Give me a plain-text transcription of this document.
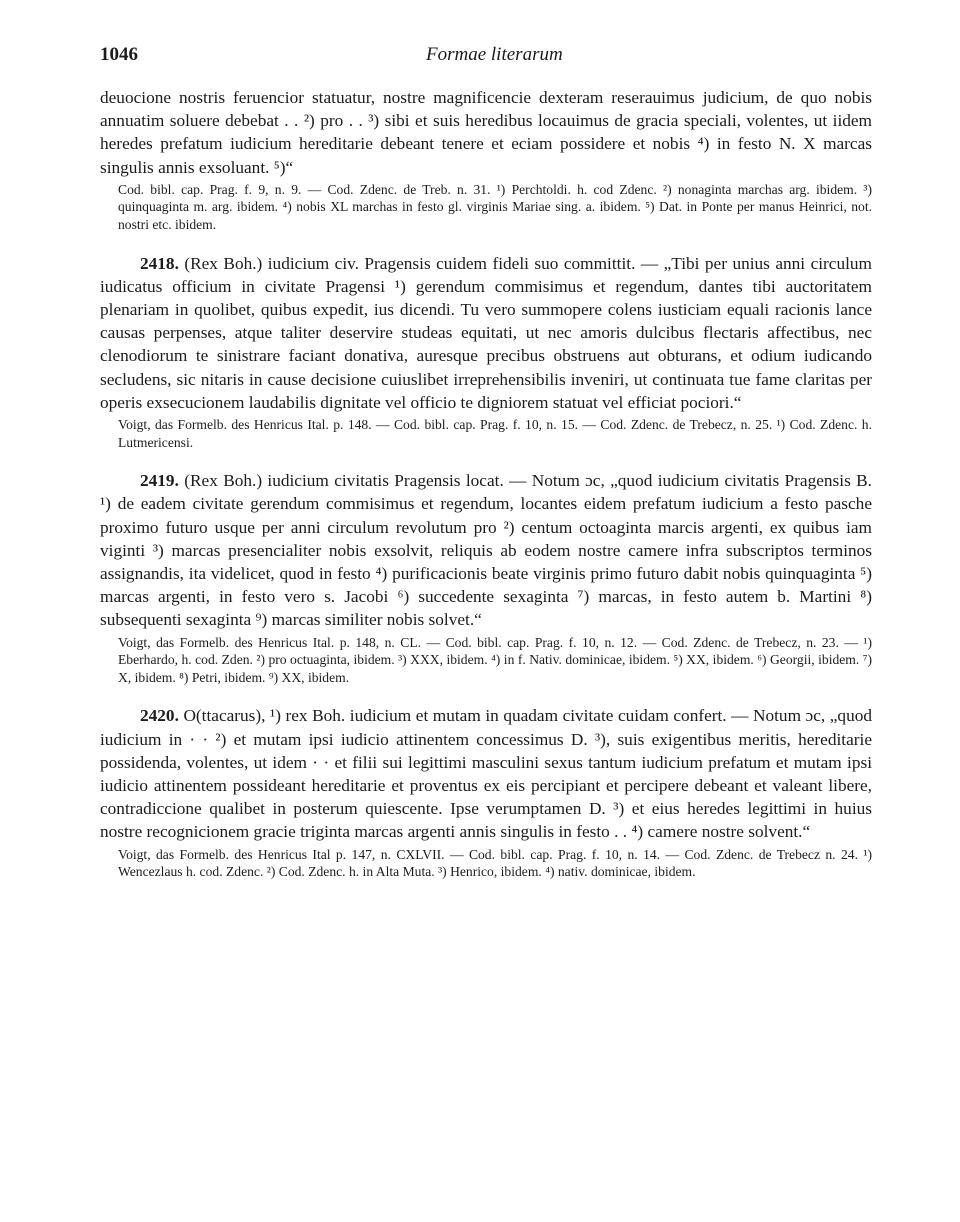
1046	Formae literarum

deuocione nostris feruencior statuatur, nostre magnificencie dexteram reserauimus judicium, de quo nobis annuatim soluere debebat . . ²) pro . . ³) sibi et suis heredibus locauimus de gracia speciali, volentes, ut iidem heredes prefatum iudicium hereditarie debeant tenere et eciam possidere et nobis ⁴) in festo N. X marcas singulis annis exsoluant. ⁵)“

Cod. bibl. cap. Prag. f. 9, n. 9. — Cod. Zdenc. de Treb. n. 31. ¹) Perchtoldi. h. cod Zdenc. ²) nonaginta marchas arg. ibidem. ³) quinquaginta m. arg. ibidem. ⁴) nobis XL marchas in festo gl. virginis Mariae sing. a. ibidem. ⁵) Dat. in Ponte per manus Heinrici, not. nostri etc. ibidem.

2418. (Rex Boh.) iudicium civ. Pragensis cuidem fideli suo committit. — „Tibi per unius anni circulum iudicatus officium in civitate Pragensi ¹) gerendum commisimus et regendum, dantes tibi auctoritatem plenariam in quolibet, quibus expedit, ius dicendi. Tu vero summopere colens iusticiam equali racionis lance causas perpenses, atque taliter deservire studeas equitati, ut nec amoris dulcibus flectaris affectibus, nec clenodiorum te sinistrare faciant donativa, auresque precibus obstruens aut obturans, et odium iudicando secludens, sic nitaris in cause decisione cuiuslibet irreprehensibilis inveniri, ut continuata tue fame claritas per operis exsecucionem laudabilis dignitate vel officio te digniorem statuat vel efficiat pociori.“

Voigt, das Formelb. des Henricus Ital. p. 148. — Cod. bibl. cap. Prag. f. 10, n. 15. — Cod. Zdenc. de Trebecz, n. 25. ¹) Cod. Zdenc. h. Lutmericensi.

2419. (Rex Boh.) iudicium civitatis Pragensis locat. — Notum ɔc, „quod iudicium civitatis Pragensis B. ¹) de eadem civitate gerendum commisimus et regendum, locantes eidem prefatum iudicium a festo pasche proximo futuro usque per anni circulum revolutum pro ²) centum octoaginta marcis argenti, ex quibus iam viginti ³) marcas presencialiter nobis exsolvit, reliquis ab eodem nostre camere infra subscriptos terminos assignandis, ita videlicet, quod in festo ⁴) purificacionis beate virginis primo futuro dabit nobis quinquaginta ⁵) marcas argenti, in festo vero s. Jacobi ⁶) succedente sexaginta ⁷) marcas, in festo autem b. Martini ⁸) subsequenti sexaginta ⁹) marcas similiter nobis solvet.“

Voigt, das Formelb. des Henricus Ital. p. 148, n. CL. — Cod. bibl. cap. Prag. f. 10, n. 12. — Cod. Zdenc. de Trebecz, n. 23. — ¹) Eberhardo, h. cod. Zden. ²) pro octuaginta, ibidem. ³) XXX, ibidem. ⁴) in f. Nativ. dominicae, ibidem. ⁵) XX, ibidem. ⁶) Georgii, ibidem. ⁷) X, ibidem. ⁸) Petri, ibidem. ⁹) XX, ibidem.

2420. O(ttacarus), ¹) rex Boh. iudicium et mutam in quadam civitate cuidam confert. — Notum ɔc, „quod iudicium in · · ²) et mutam ipsi iudicio attinentem concessimus D. ³), suis exigentibus meritis, hereditarie possidenda, volentes, ut idem · · et filii sui legittimi masculini sexus tantum iudicium prefatum et mutam ipsi iudicio attinentem possideant hereditarie et proventus ex eis percipiant et percipere debeant et valeant libere, contradiccione qualibet in posterum quiescente. Ipse verumptamen D. ³) et eius heredes legittimi in huius nostre recognicionem gracie triginta marcas argenti annis singulis in festo . . ⁴) camere nostre solvent.“

Voigt, das Formelb. des Henricus Ital p. 147, n. CXLVII. — Cod. bibl. cap. Prag. f. 10, n. 14. — Cod. Zdenc. de Trebecz n. 24. ¹) Wencezlaus h. cod. Zdenc. ²) Cod. Zdenc. h. in Alta Muta. ³) Henrico, ibidem. ⁴) nativ. dominicae, ibidem.
